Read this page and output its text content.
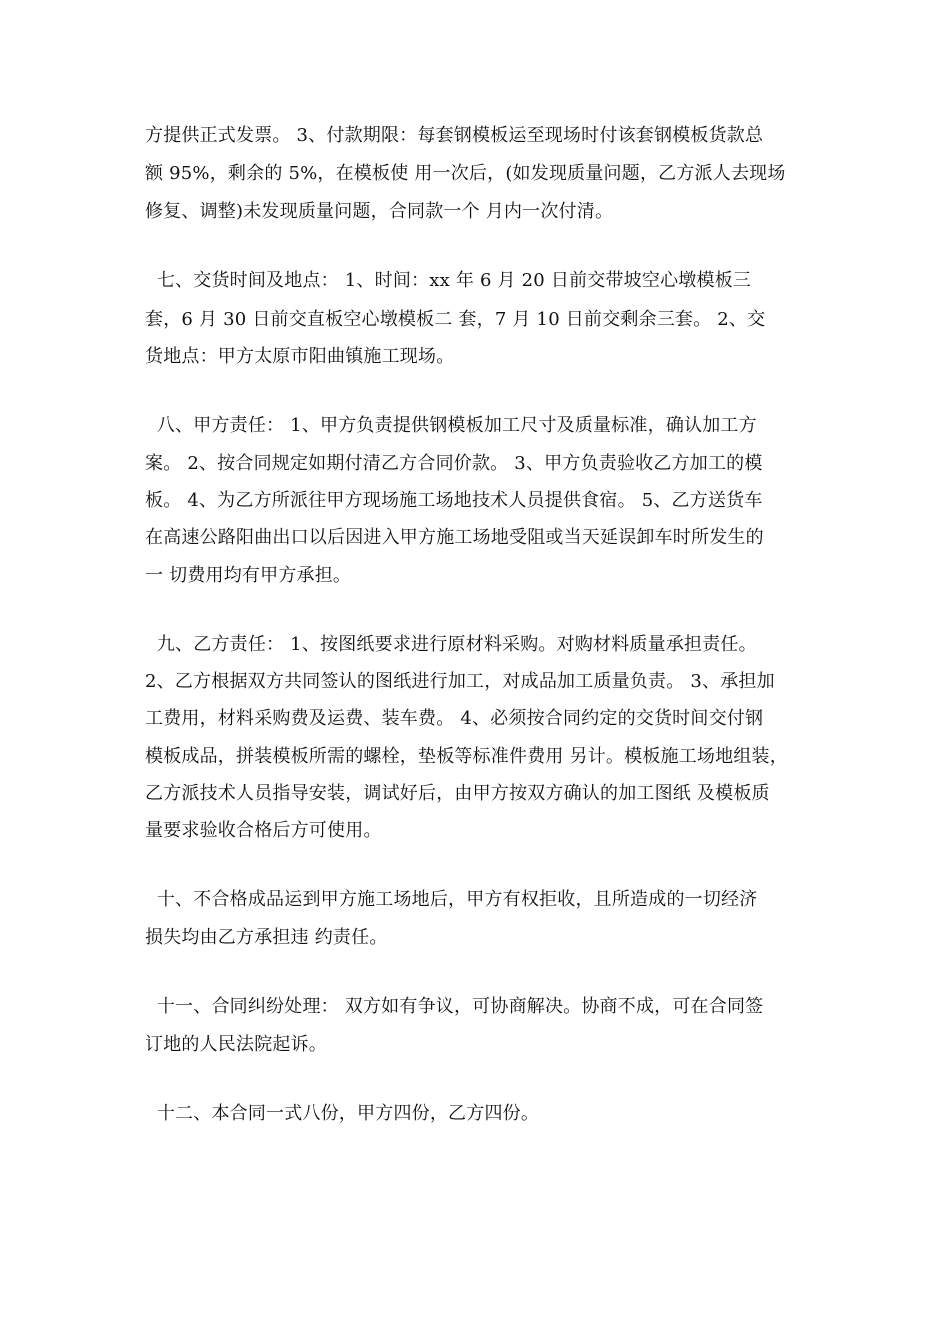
方提供正式发票。 3、付款期限：每套钢模板运至现场时付该套钢模板货款总
额 95%，剩余的 5%，在模板使 用一次后，(如发现质量问题，乙方派人去现场
修复、调整)未发现质量问题，合同款一个 月内一次付清。
七、交货时间及地点： 1、时间：xx 年 6 月 20 日前交带坡空心墩模板三
套，6 月 30 日前交直板空心墩模板二 套，7 月 10 日前交剩余三套。 2、交
货地点：甲方太原市阳曲镇施工现场。
八、甲方责任： 1、甲方负责提供钢模板加工尺寸及质量标准，确认加工方
案。 2、按合同规定如期付清乙方合同价款。 3、甲方负责验收乙方加工的模
板。 4、为乙方所派往甲方现场施工场地技术人员提供食宿。 5、乙方送货车
在高速公路阳曲出口以后因进入甲方施工场地受阻或当天延误卸车时所发生的
一 切费用均有甲方承担。
九、乙方责任： 1、按图纸要求进行原材料采购。对购材料质量承担责任。
2、乙方根据双方共同签认的图纸进行加工，对成品加工质量负责。 3、承担加
工费用，材料采购费及运费、装车费。 4、必须按合同约定的交货时间交付钢
模板成品，拼装模板所需的螺栓，垫板等标准件费用 另计。模板施工场地组装，
乙方派技术人员指导安装，调试好后，由甲方按双方确认的加工图纸 及模板质
量要求验收合格后方可使用。
十、不合格成品运到甲方施工场地后，甲方有权拒收，且所造成的一切经济
损失均由乙方承担违 约责任。
十一、合同纠纷处理： 双方如有争议，可协商解决。协商不成，可在合同签
订地的人民法院起诉。
十二、本合同一式八份，甲方四份，乙方四份。
